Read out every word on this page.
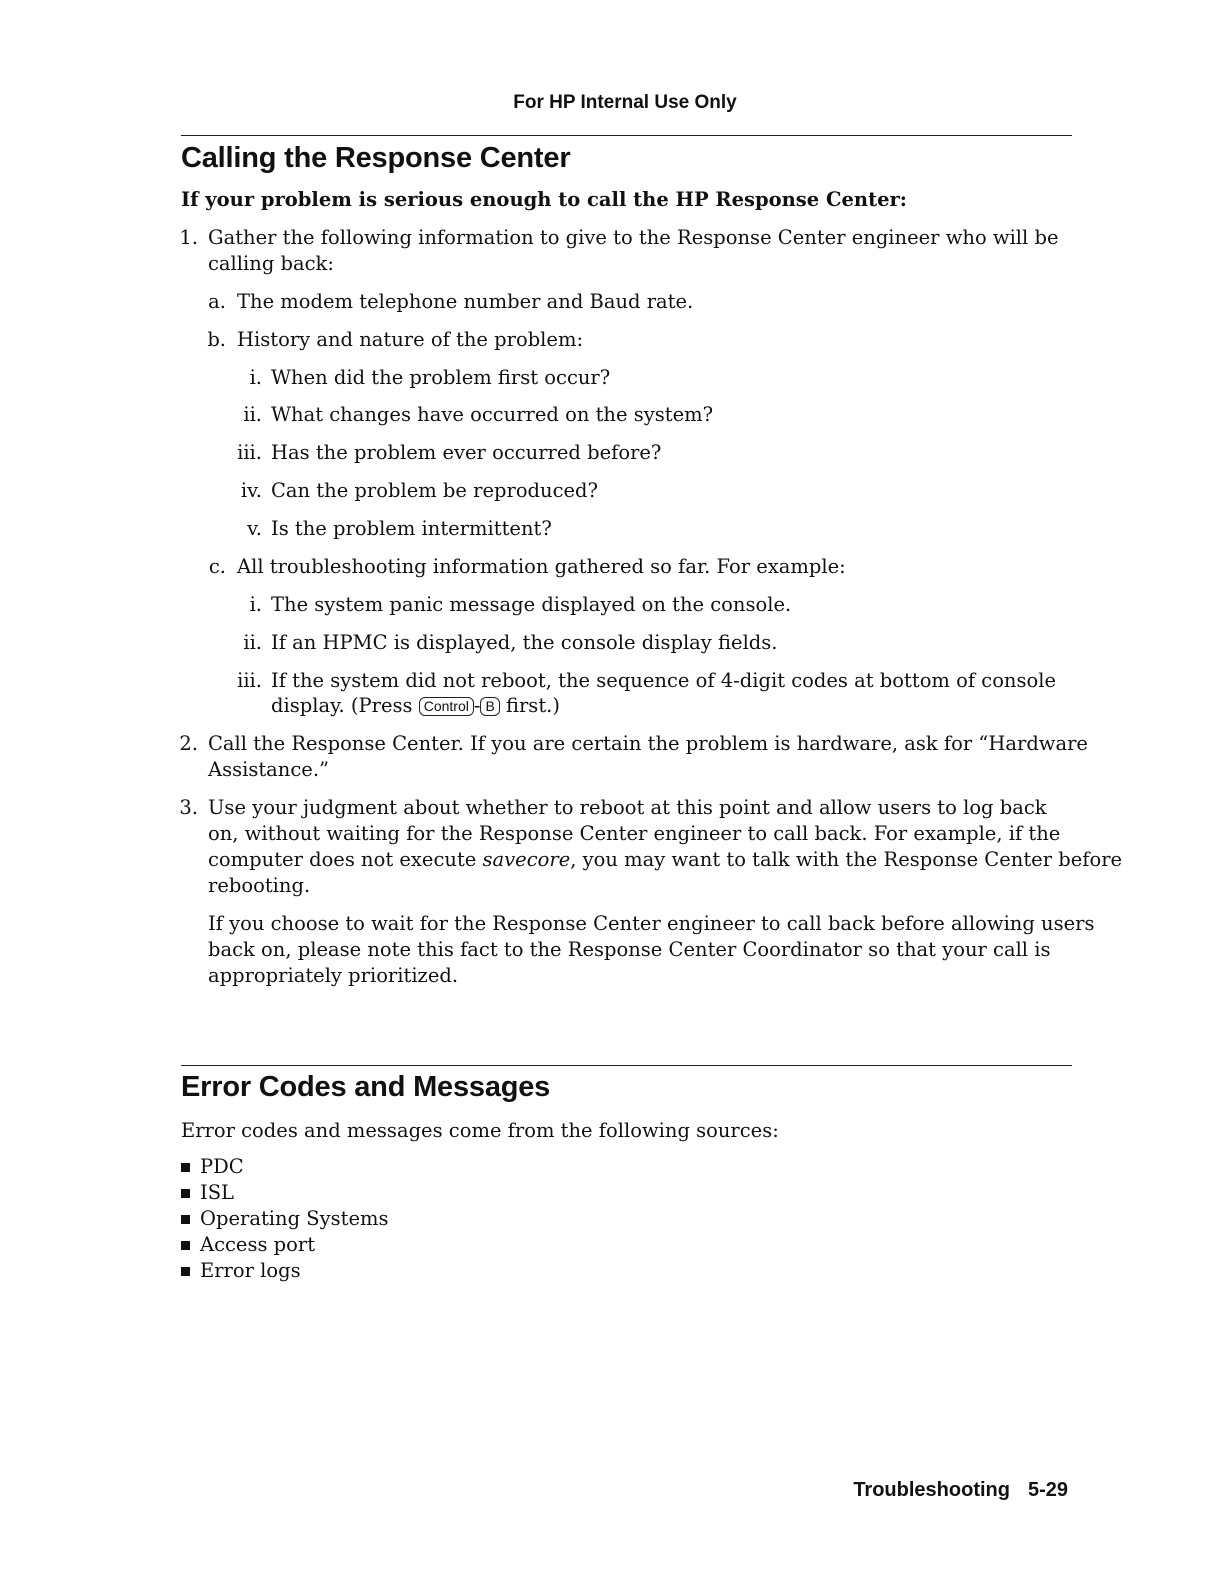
For HP Internal Use Only
Calling the Response Center

If your problem is serious enough to call the HP Response Center:

1. Gather the following information to give to the Response Center engineer who will be

calling back:

a. The modem telephone number and Baud rate.

b. History and nature of the problem:

i. When did the problem first occur?

ii. What changes have occurred on the system?

iii. Has the problem ever occurred before?

iv. Can the problem be reproduced?

v. Is the problem intermittent?

c. All troubleshooting information gathered so far. For example:

i. The system panic message displayed on the console.

ii. If an HPMC is displayed, the console display fields.

iii. If the system did not reboot, the sequence of 4-digit codes at bottom of console

display. (Press Control - B first.)

2. Call the Response Center. If you are certain the problem is hardware, ask for “Hardware

Assistance.”

3. Use your judgment about whether to reboot at this point and allow users to log back

on, without waiting for the Response Center engineer to call back. For example, if the

computer does not execute savecore, you may want to talk with the Response Center before

rebooting.

If you choose to wait for the Response Center engineer to call back before allowing users

back on, please note this fact to the Response Center Coordinator so that your call is

appropriately prioritized.

Error Codes and Messages

Error codes and messages come from the following sources:

PDC

ISL

Operating Systems

Access port

Error logs

Troubleshooting 5-29
